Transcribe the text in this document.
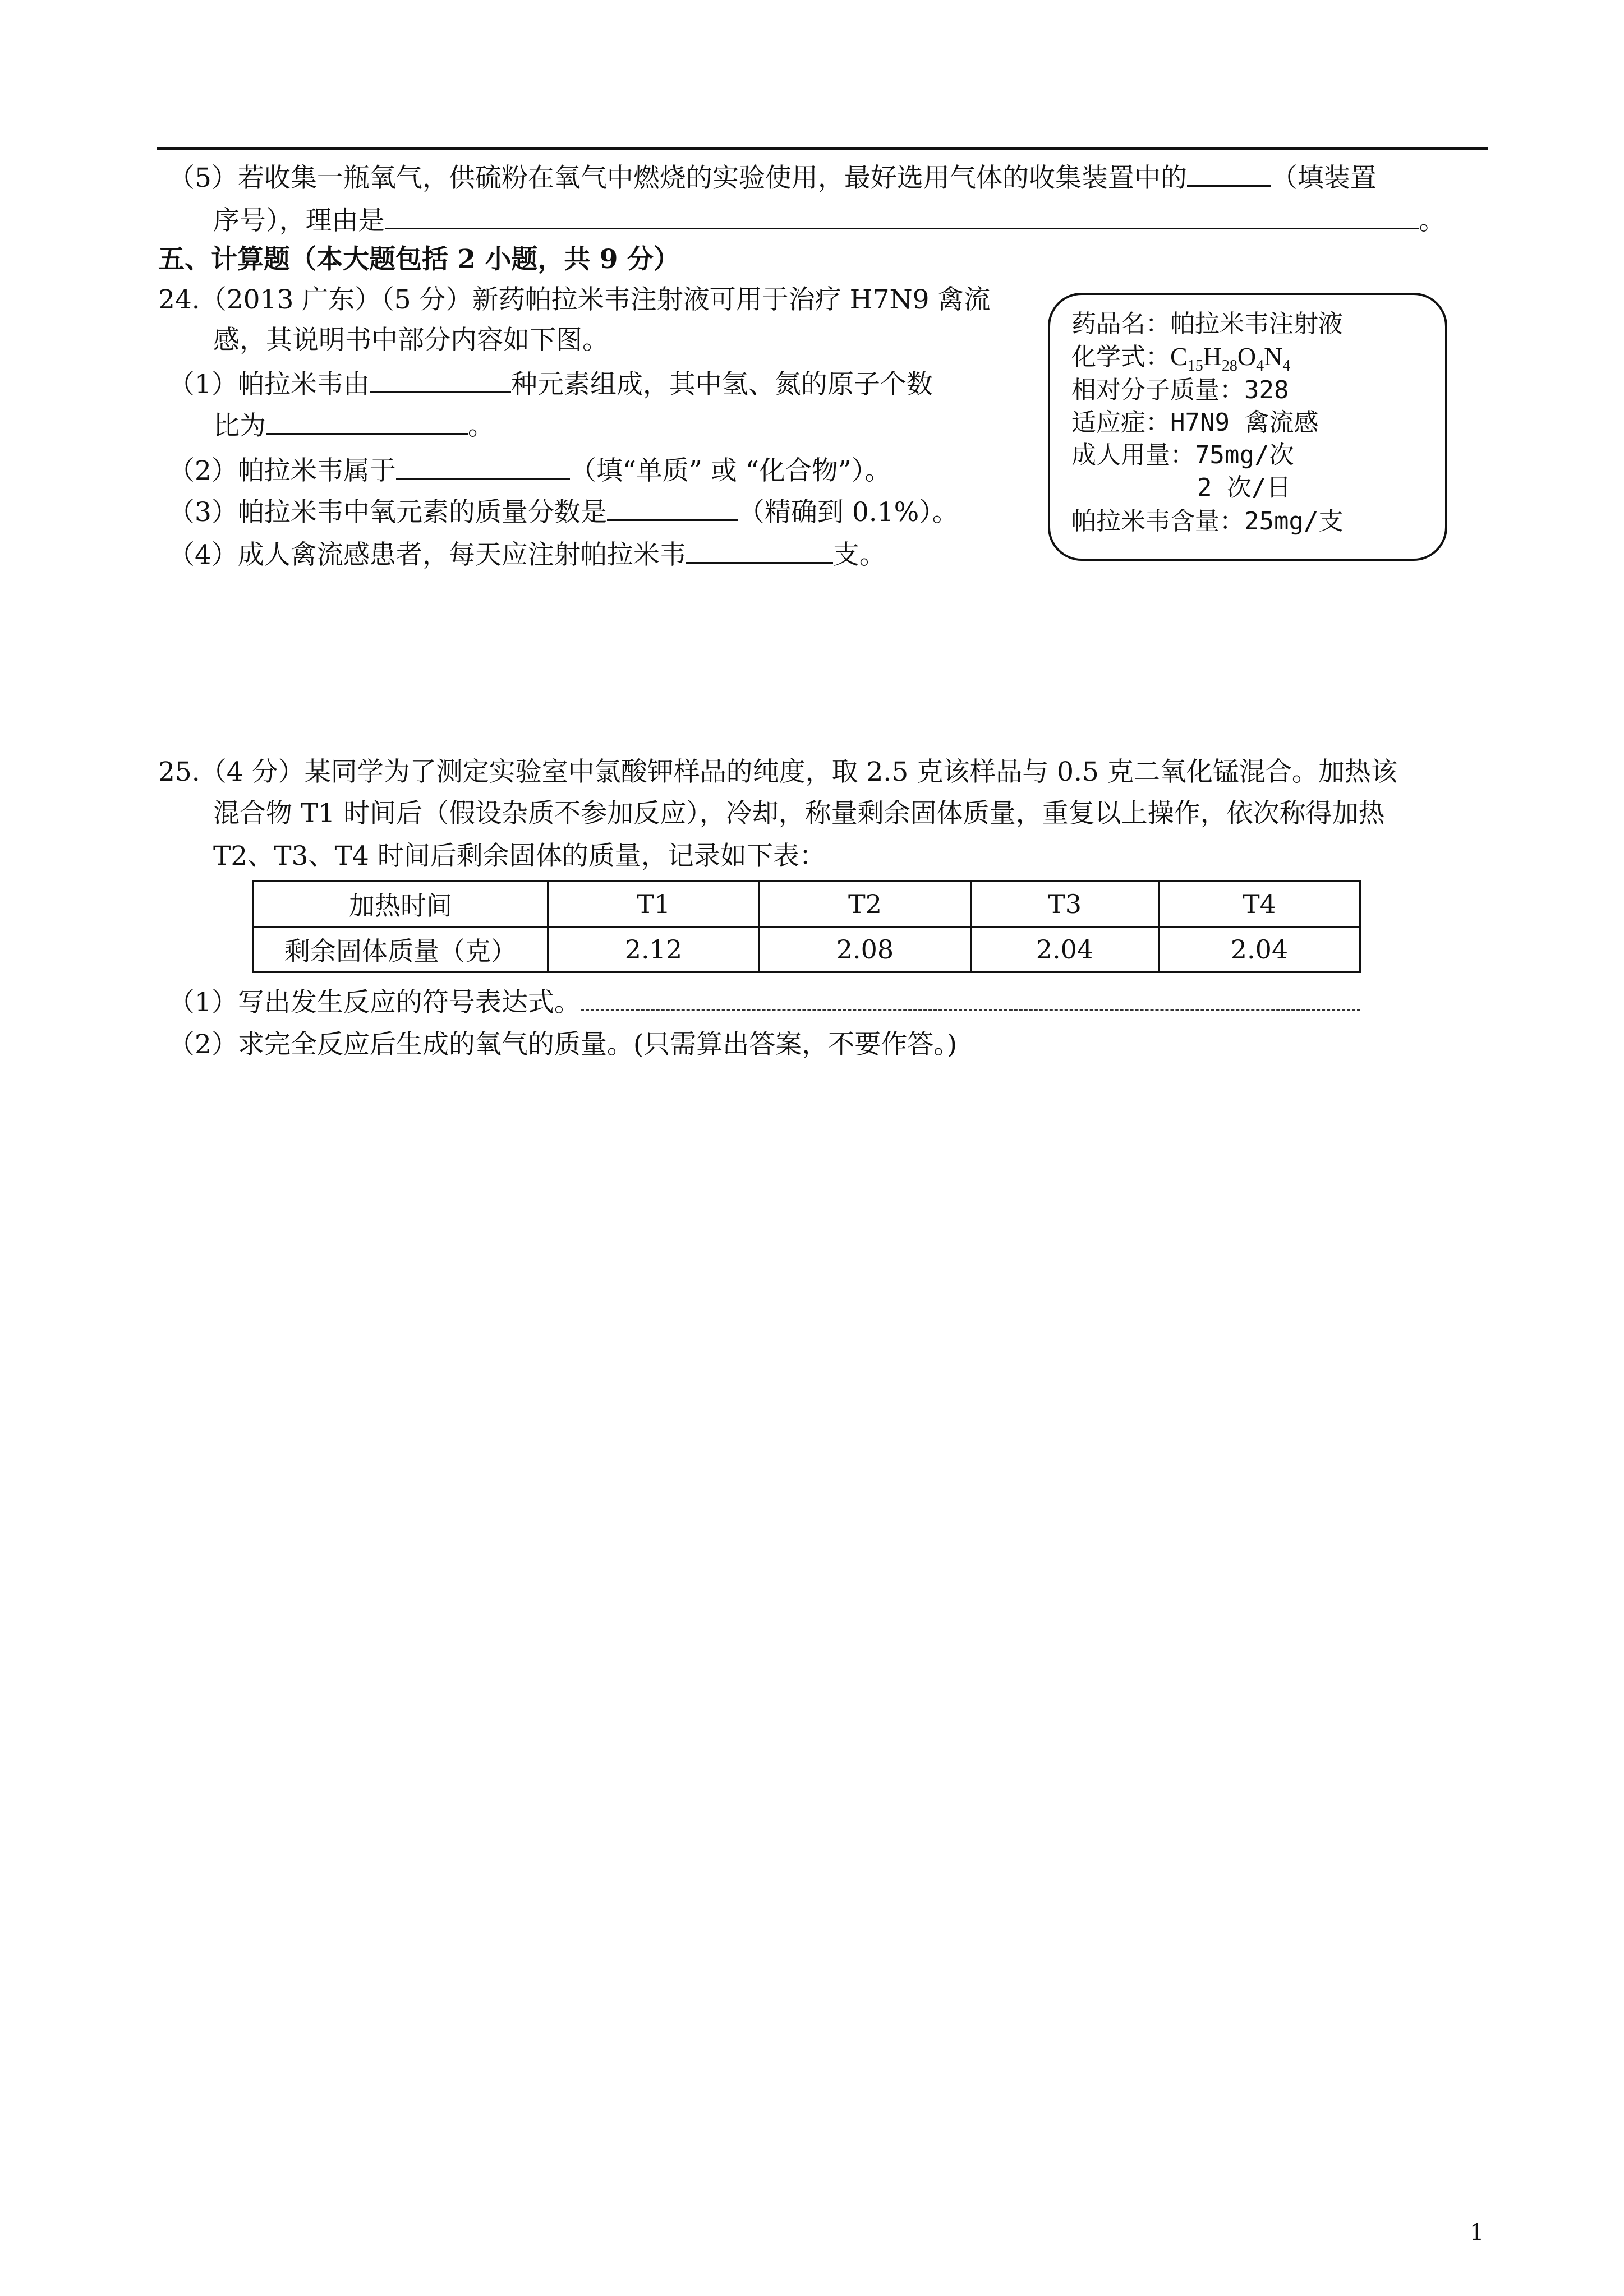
（5）若收集一瓶氧气，供硫粉在氧气中燃烧的实验使用，最好选用气体的收集装置中的	（填装置
序号），理由是	。
五、计算题（本大题包括 2 小题，共 9 分）
24.（2013 广东）（5 分）新药帕拉米韦注射液可用于治疗 H7N9 禽流
感，其说明书中部分内容如下图。
（1）帕拉米韦由	种元素组成，其中氢、氮的原子个数
比为	。
（2）帕拉米韦属于	（填“单质” 或 “化合物”）。
（3）帕拉米韦中氧元素的质量分数是	（精确到 0.1%）。
（4）成人禽流感患者，每天应注射帕拉米韦	支。
药品名：帕拉米韦注射液
化学式：$C_{15}H_{28}O_4N_4$
相对分子质量：328
适应症：H7N9 禽流感
成人用量：75mg/次
2 次/日
帕拉米韦含量：25mg/支
25.（4 分）某同学为了测定实验室中氯酸钾样品的纯度，取 2.5 克该样品与 0.5 克二氧化锰混合。加热该
混合物 T1 时间后（假设杂质不参加反应），冷却，称量剩余固体质量，重复以上操作，依次称得加热
T2、T3、T4 时间后剩余固体的质量，记录如下表：
加热时间	T1	T2	T3	T4
剩余固体质量（克）	2.12	2.08	2.04	2.04
（1）写出发生反应的符号表达式。
（2）求完全反应后生成的氧气的质量。(只需算出答案，不要作答。)
1
